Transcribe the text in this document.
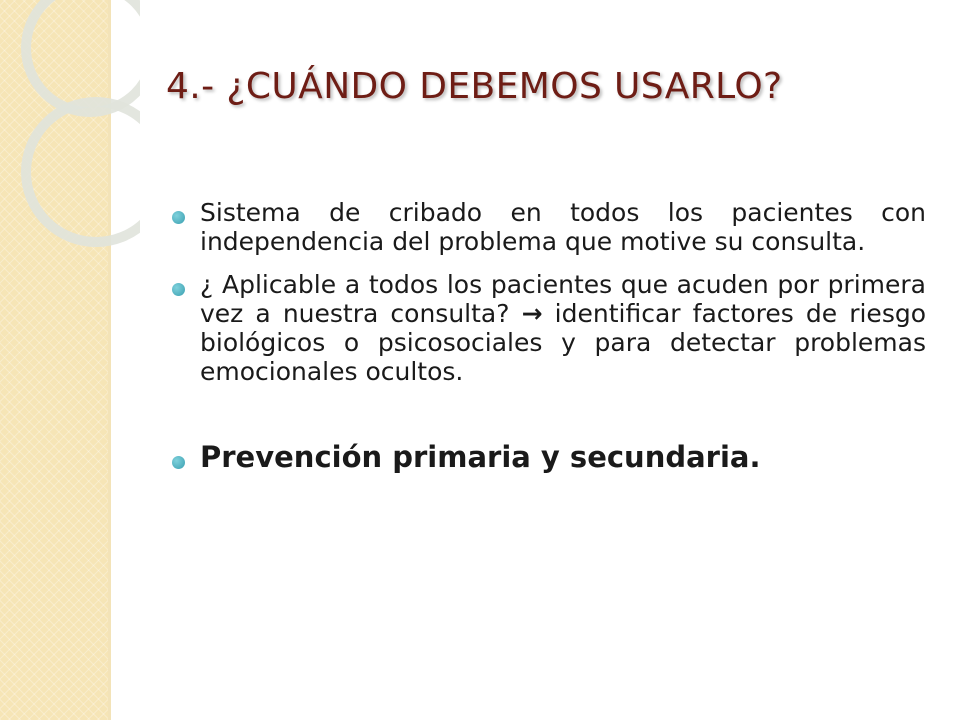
4.- ¿CUÁNDO DEBEMOS USARLO?
Sistema de cribado en todos los pacientes con independencia del problema que motive su consulta.
¿ Aplicable a todos los pacientes que acuden por primera vez a nuestra consulta? → identificar factores de riesgo biológicos o psicosociales y para detectar problemas emocionales ocultos.
Prevención primaria y secundaria.
